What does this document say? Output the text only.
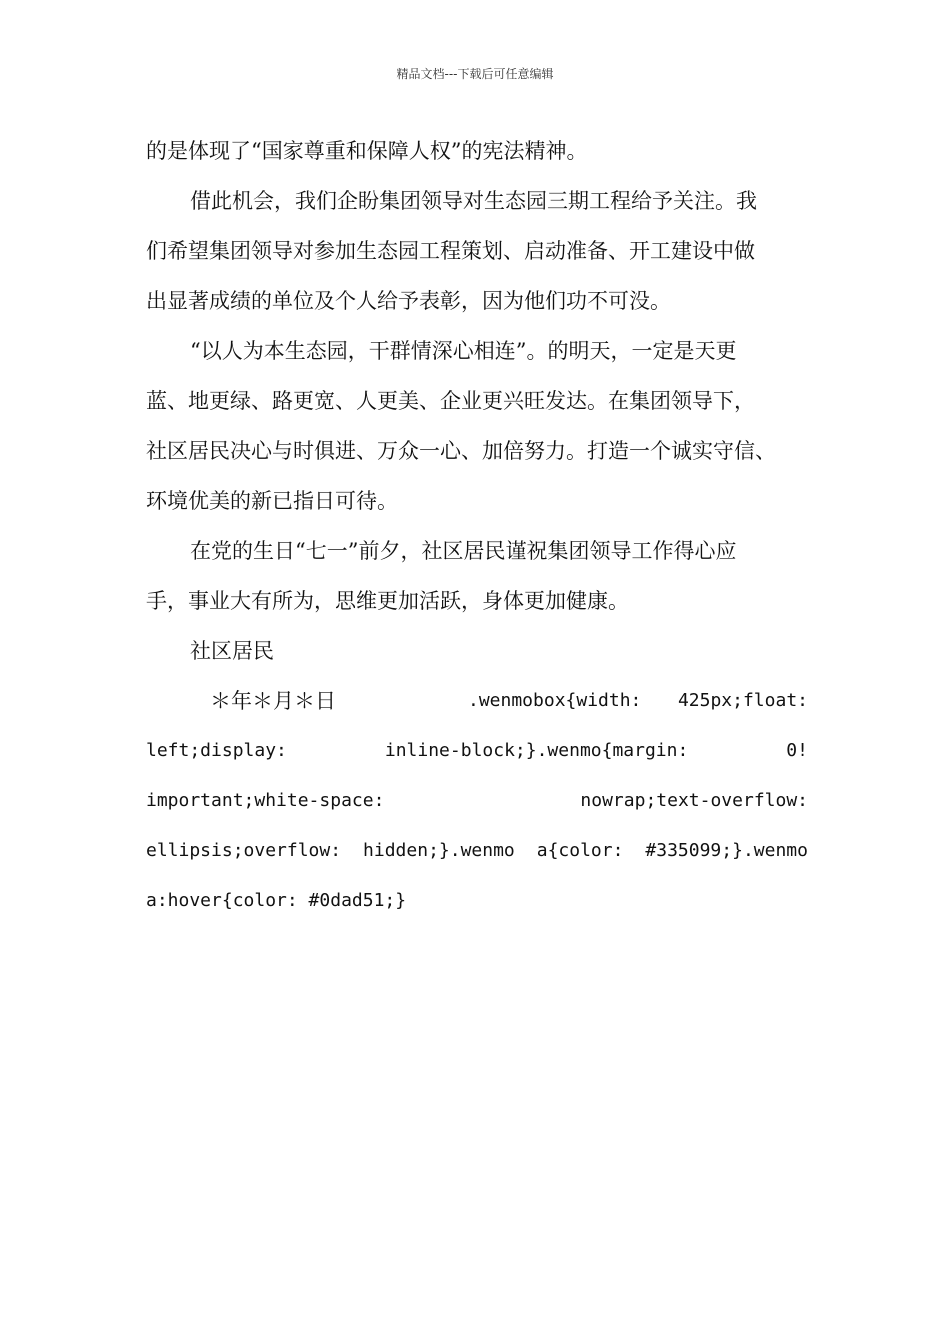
精品文档---下载后可任意编辑
的是体现了“国家尊重和保障人权”的宪法精神。
借此机会，我们企盼集团领导对生态园三期工程给予关注。我
们希望集团领导对参加生态园工程策划、启动准备、开工建设中做
出显著成绩的单位及个人给予表彰，因为他们功不可没。
“以人为本生态园，干群情深心相连”。的明天，一定是天更
蓝、地更绿、路更宽、人更美、企业更兴旺发达。在集团领导下，
社区居民决心与时俱进、万众一心、加倍努力。打造一个诚实守信、
环境优美的新已指日可待。
在党的生日“七一”前夕，社区居民谨祝集团领导工作得心应
手，事业大有所为，思维更加活跃，身体更加健康。
社区居民
＊年＊月＊日	.wenmobox{width: 425px;float:
left;display:	inline-block;}.wenmo{margin:	0!
important;white-space:	nowrap;text-overflow:
ellipsis;overflow: hidden;}.wenmo a{color: #335099;}.wenmo
a:hover{color: #0dad51;}
